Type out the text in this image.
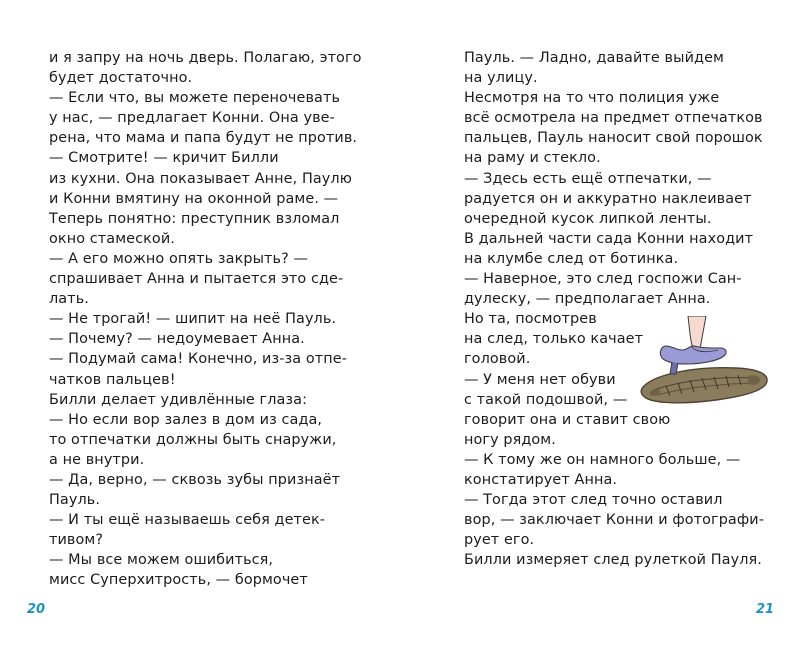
и я запру на ночь дверь. Полагаю, этого
будет достаточно.
— Если что, вы можете переночевать
у нас, — предлагает Конни. Она уве-
рена, что мама и папа будут не против.
— Смотрите! — кричит Билли
из кухни. Она показывает Анне, Паулю
и Конни вмятину на оконной раме. —
Теперь понятно: преступник взломал
окно стамеской.
— А его можно опять закрыть? —
спрашивает Анна и пытается это сде-
лать.
— Не трогай! — шипит на неё Пауль.
— Почему? — недоумевает Анна.
— Подумай сама! Конечно, из-за отпе-
чатков пальцев!
Билли делает удивлённые глаза:
— Но если вор залез в дом из сада,
то отпечатки должны быть снаружи,
а не внутри.
— Да, верно, — сквозь зубы признаёт
Пауль.
— И ты ещё называешь себя детек-
тивом?
— Мы все можем ошибиться,
мисс Суперхитрость, — бормочет
Пауль. — Ладно, давайте выйдем
на улицу.
Несмотря на то что полиция уже
всё осмотрела на предмет отпечатков
пальцев, Пауль наносит свой порошок
на раму и стекло.
— Здесь есть ещё отпечатки, —
радуется он и аккуратно наклеивает
очередной кусок липкой ленты.
В дальней части сада Конни находит
на клумбе след от ботинка.
— Наверное, это след госпожи Сан-
дулеску, — предполагает Анна.
Но та, посмотрев
на след, только качает
головой.
— У меня нет обуви
с такой подошвой, —
говорит она и ставит свою
ногу рядом.
— К тому же он намного больше, —
констатирует Анна.
— Тогда этот след точно оставил
вор, — заключает Конни и фотографи-
рует его.
Билли измеряет след рулеткой Пауля.
20	21
